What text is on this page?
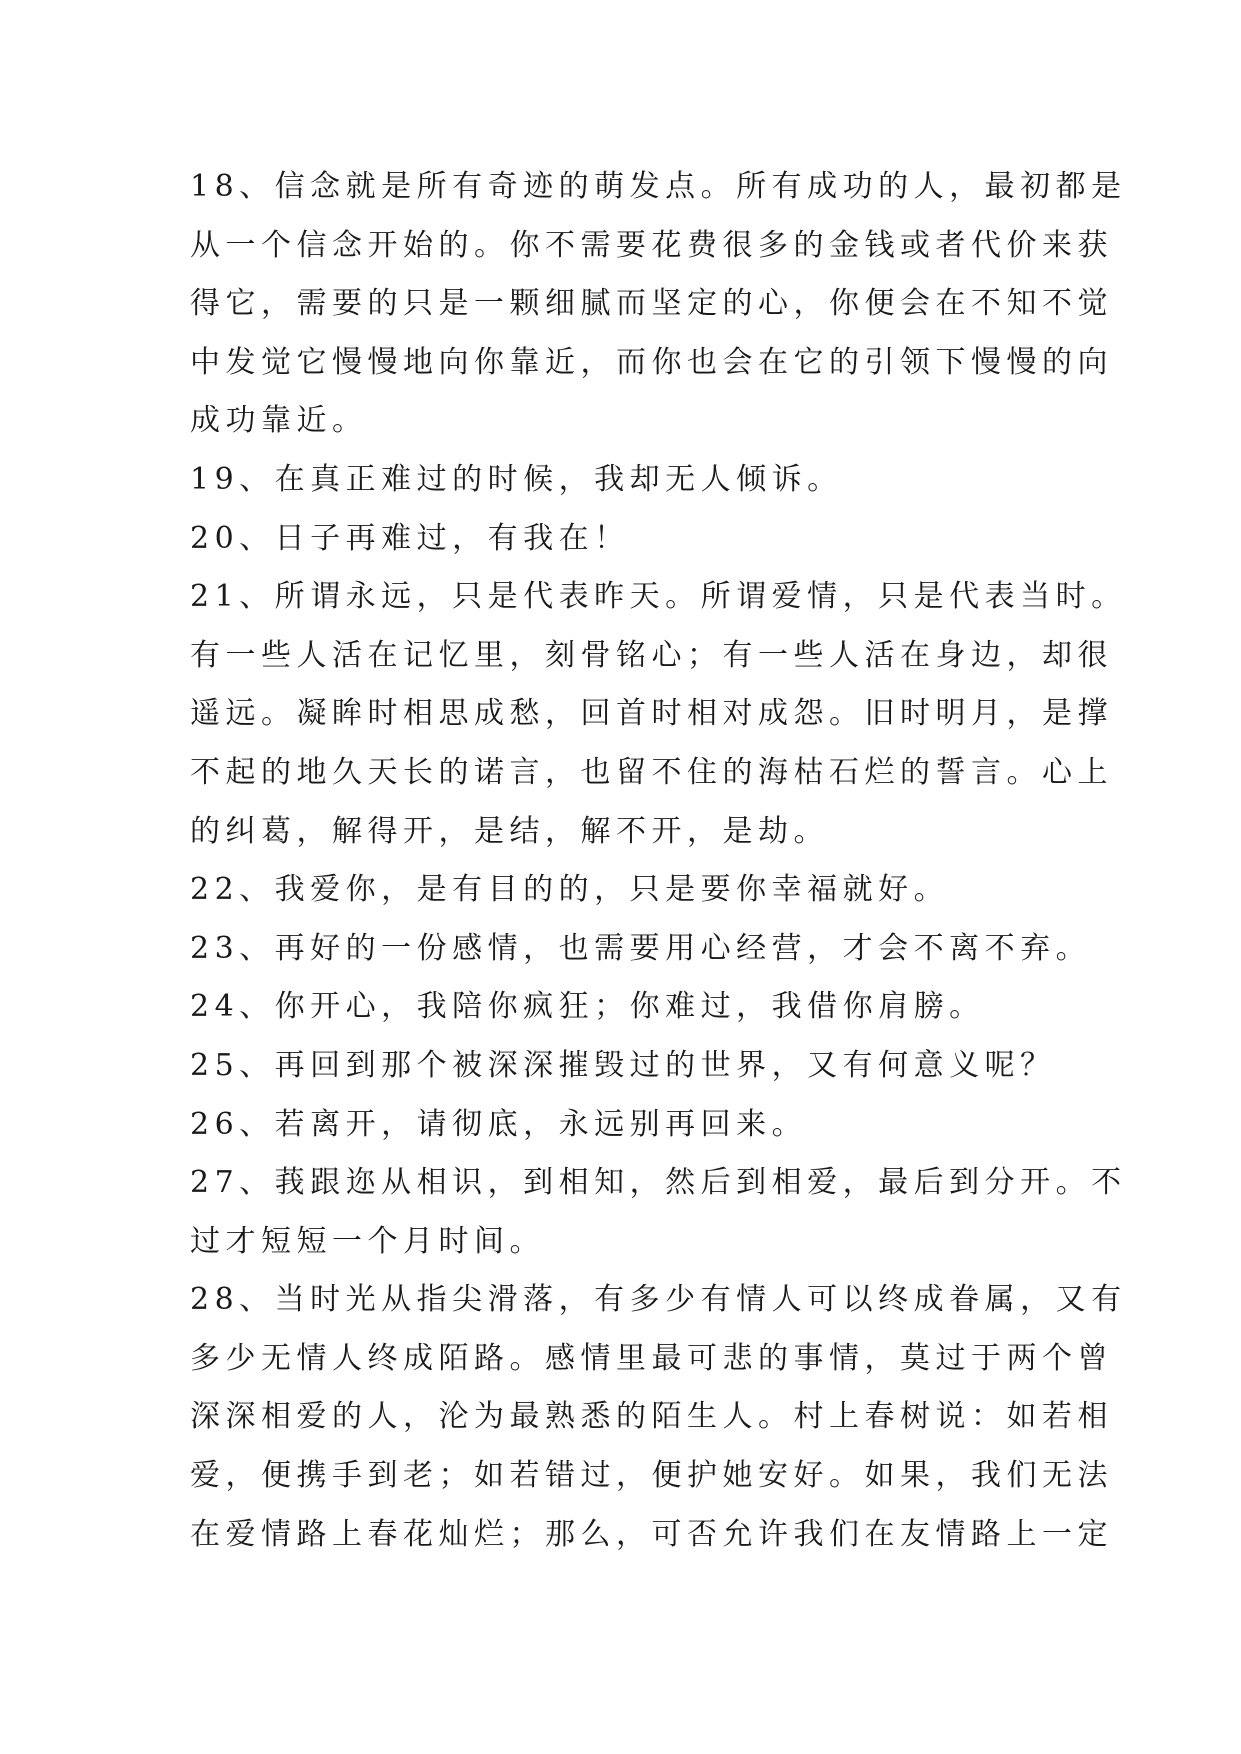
18、信念就是所有奇迹的萌发点。所有成功的人，最初都是
从一个信念开始的。你不需要花费很多的金钱或者代价来获
得它，需要的只是一颗细腻而坚定的心，你便会在不知不觉
中发觉它慢慢地向你靠近，而你也会在它的引领下慢慢的向
成功靠近。
19、在真正难过的时候，我却无人倾诉。
20、日子再难过，有我在！
21、所谓永远，只是代表昨天。所谓爱情，只是代表当时。
有一些人活在记忆里，刻骨铭心；有一些人活在身边，却很
遥远。凝眸时相思成愁，回首时相对成怨。旧时明月，是撑
不起的地久天长的诺言，也留不住的海枯石烂的誓言。心上
的纠葛，解得开，是结，解不开，是劫。
22、我爱你，是有目的的，只是要你幸福就好。
23、再好的一份感情，也需要用心经营，才会不离不弃。
24、你开心，我陪你疯狂；你难过，我借你肩膀。
25、再回到那个被深深摧毁过的世界，又有何意义呢？
26、若离开，请彻底，永远别再回来。
27、莪跟迩从相识，到相知，然后到相爱，最后到分开。不
过才短短一个月时间。
28、当时光从指尖滑落，有多少有情人可以终成眷属，又有
多少无情人终成陌路。感情里最可悲的事情，莫过于两个曾
深深相爱的人，沦为最熟悉的陌生人。村上春树说：如若相
爱，便携手到老；如若错过，便护她安好。如果，我们无法
在爱情路上春花灿烂；那么，可否允许我们在友情路上一定
